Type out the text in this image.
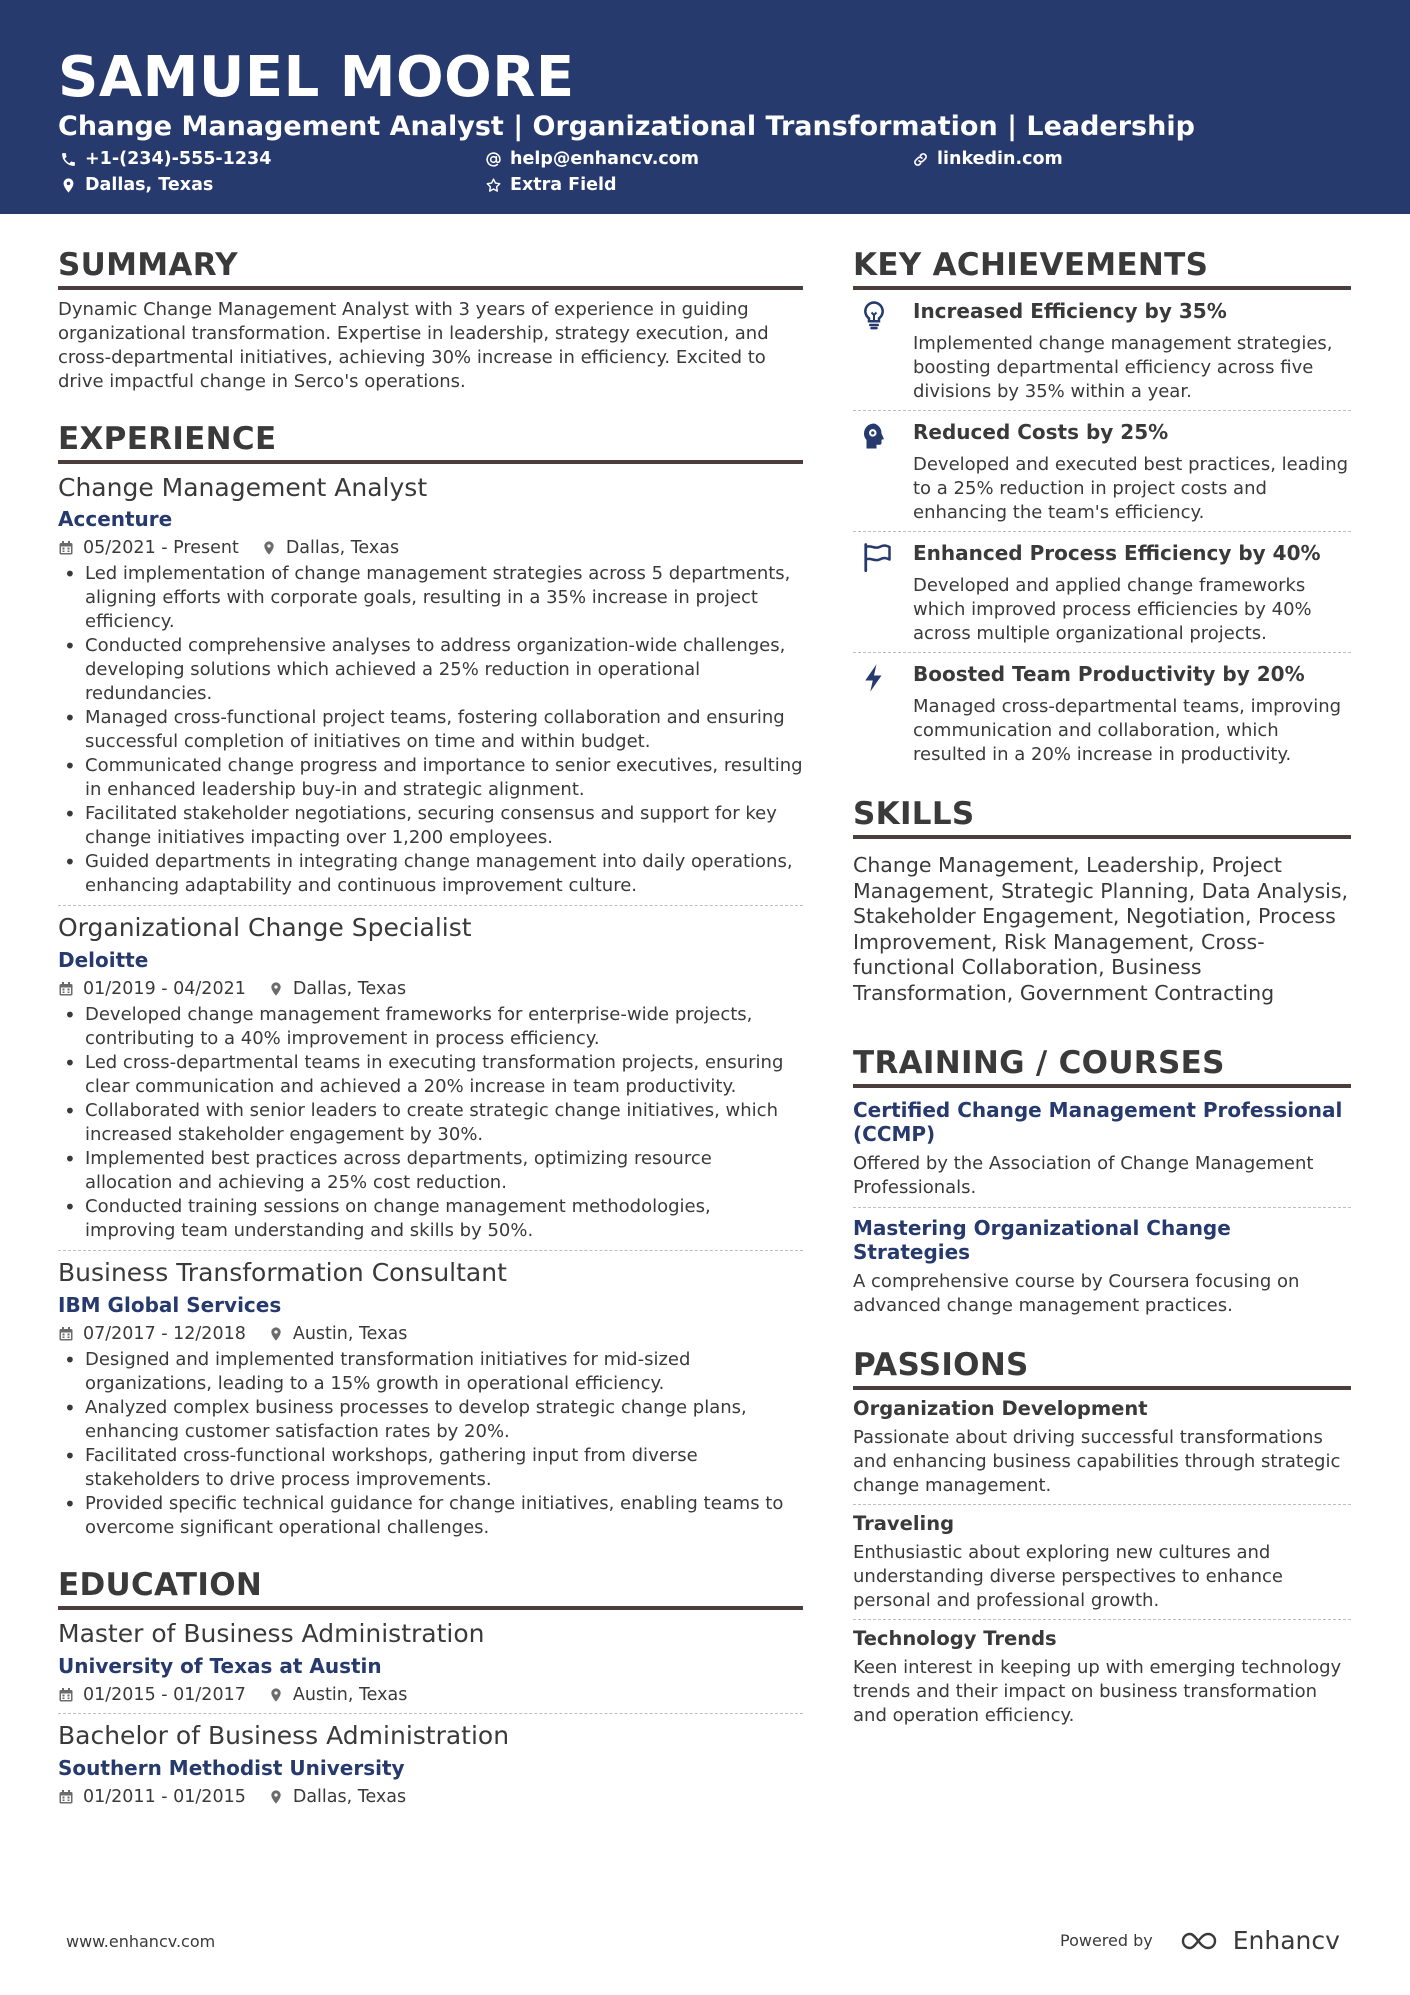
SAMUEL MOORE
Change Management Analyst | Organizational Transformation | Leadership
+1-(234)-555-1234	help@enhancv.com	linkedin.com
Dallas, Texas	Extra Field
SUMMARY
Dynamic Change Management Analyst with 3 years of experience in guiding organizational transformation. Expertise in leadership, strategy execution, and cross-departmental initiatives, achieving 30% increase in efficiency. Excited to drive impactful change in Serco's operations.
EXPERIENCE
Change Management Analyst
Accenture
05/2021 - Present	Dallas, Texas
• Led implementation of change management strategies across 5 departments, aligning efforts with corporate goals, resulting in a 35% increase in project efficiency.
• Conducted comprehensive analyses to address organization-wide challenges, developing solutions which achieved a 25% reduction in operational redundancies.
• Managed cross-functional project teams, fostering collaboration and ensuring successful completion of initiatives on time and within budget.
• Communicated change progress and importance to senior executives, resulting in enhanced leadership buy-in and strategic alignment.
• Facilitated stakeholder negotiations, securing consensus and support for key change initiatives impacting over 1,200 employees.
• Guided departments in integrating change management into daily operations, enhancing adaptability and continuous improvement culture.
Organizational Change Specialist
Deloitte
01/2019 - 04/2021	Dallas, Texas
• Developed change management frameworks for enterprise-wide projects, contributing to a 40% improvement in process efficiency.
• Led cross-departmental teams in executing transformation projects, ensuring clear communication and achieved a 20% increase in team productivity.
• Collaborated with senior leaders to create strategic change initiatives, which increased stakeholder engagement by 30%.
• Implemented best practices across departments, optimizing resource allocation and achieving a 25% cost reduction.
• Conducted training sessions on change management methodologies, improving team understanding and skills by 50%.
Business Transformation Consultant
IBM Global Services
07/2017 - 12/2018	Austin, Texas
• Designed and implemented transformation initiatives for mid-sized organizations, leading to a 15% growth in operational efficiency.
• Analyzed complex business processes to develop strategic change plans, enhancing customer satisfaction rates by 20%.
• Facilitated cross-functional workshops, gathering input from diverse stakeholders to drive process improvements.
• Provided specific technical guidance for change initiatives, enabling teams to overcome significant operational challenges.
EDUCATION
Master of Business Administration
University of Texas at Austin
01/2015 - 01/2017	Austin, Texas
Bachelor of Business Administration
Southern Methodist University
01/2011 - 01/2015	Dallas, Texas
KEY ACHIEVEMENTS
Increased Efficiency by 35%
Implemented change management strategies, boosting departmental efficiency across five divisions by 35% within a year.
Reduced Costs by 25%
Developed and executed best practices, leading to a 25% reduction in project costs and enhancing the team's efficiency.
Enhanced Process Efficiency by 40%
Developed and applied change frameworks which improved process efficiencies by 40% across multiple organizational projects.
Boosted Team Productivity by 20%
Managed cross-departmental teams, improving communication and collaboration, which resulted in a 20% increase in productivity.
SKILLS
Change Management, Leadership, Project Management, Strategic Planning, Data Analysis, Stakeholder Engagement, Negotiation, Process Improvement, Risk Management, Cross-functional Collaboration, Business Transformation, Government Contracting
TRAINING / COURSES
Certified Change Management Professional (CCMP)
Offered by the Association of Change Management Professionals.
Mastering Organizational Change Strategies
A comprehensive course by Coursera focusing on advanced change management practices.
PASSIONS
Organization Development
Passionate about driving successful transformations and enhancing business capabilities through strategic change management.
Traveling
Enthusiastic about exploring new cultures and understanding diverse perspectives to enhance personal and professional growth.
Technology Trends
Keen interest in keeping up with emerging technology trends and their impact on business transformation and operation efficiency.
www.enhancv.com	Powered by	Enhancv
